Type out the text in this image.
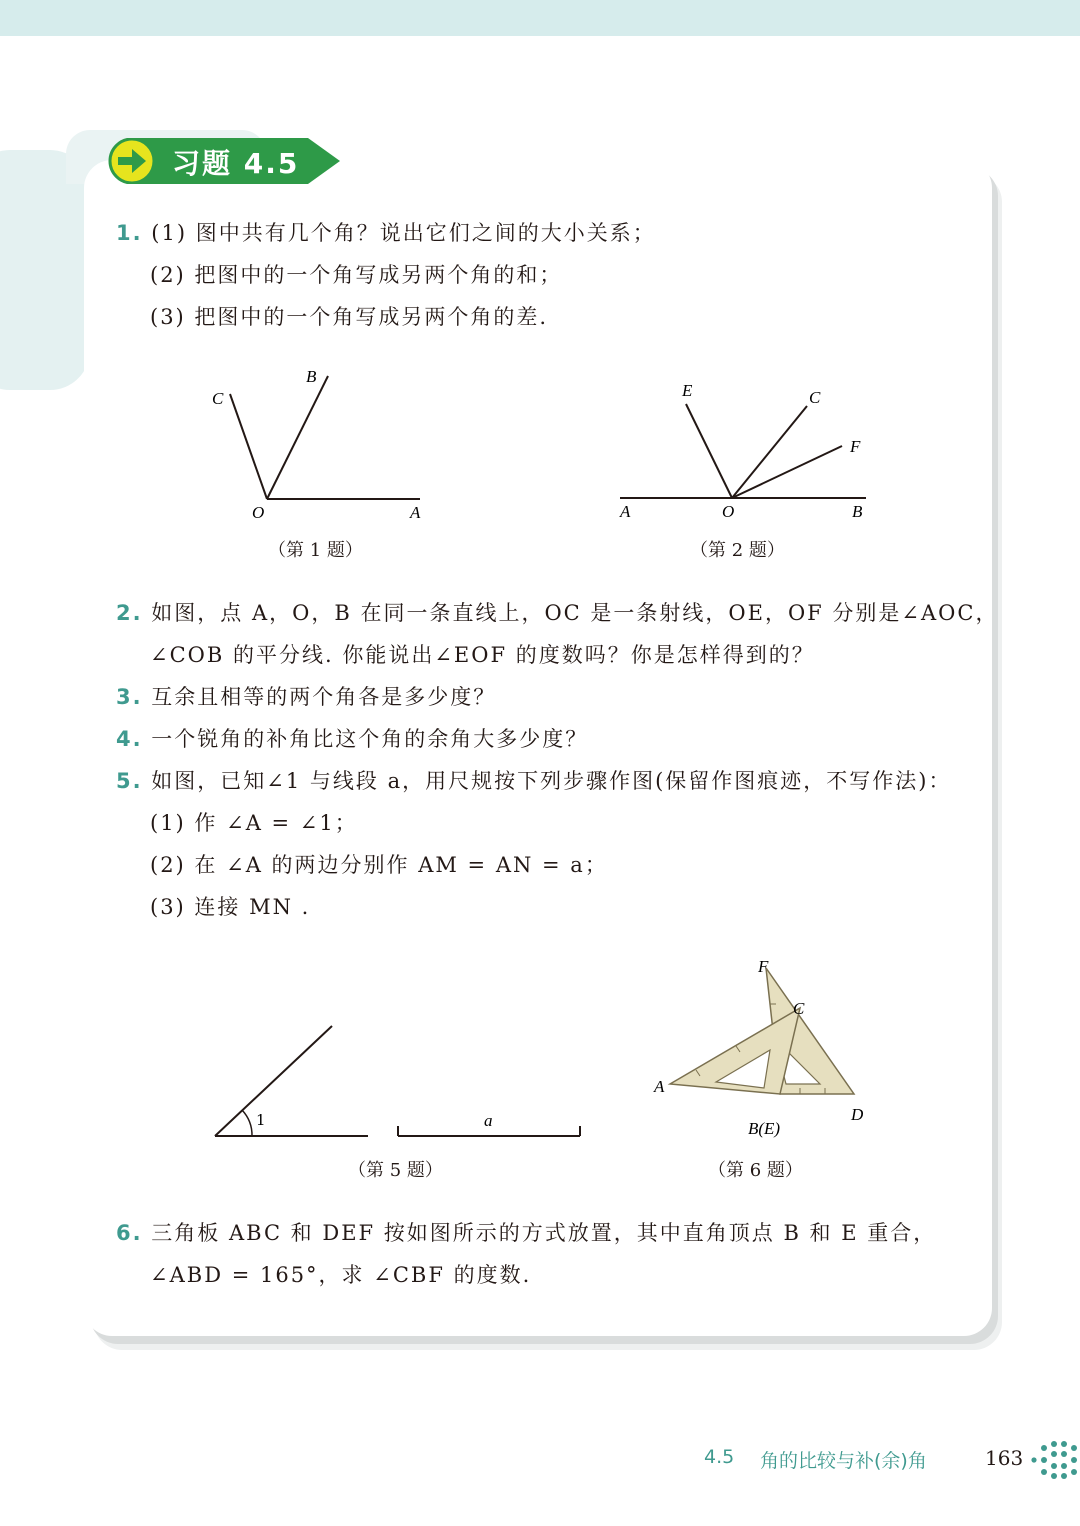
习题 4.5
1. (1) 图中共有几个角？说出它们之间的大小关系；
(2) 把图中的一个角写成另两个角的和；
(3) 把图中的一个角写成另两个角的差.
B
C
O	A
（第 1 题）
E	C
F
A	O	B
（第 2 题）
2. 如图，点 A，O，B 在同一条直线上，OC 是一条射线，OE，OF 分别是∠AOC，
∠COB 的平分线. 你能说出∠EOF 的度数吗？你是怎样得到的？
3. 互余且相等的两个角各是多少度？
4. 一个锐角的补角比这个角的余角大多少度？
5. 如图，已知∠1 与线段 a，用尺规按下列步骤作图(保留作图痕迹，不写作法)：
(1) 作 ∠A = ∠1；
(2) 在 ∠A 的两边分别作 AM = AN = a；
(3) 连接 MN .
1	a
（第 5 题）
F
C
A
D
B(E)
（第 6 题）
6. 三角板 ABC 和 DEF 按如图所示的方式放置，其中直角顶点 B 和 E 重合，
∠ABD = 165°，求 ∠CBF 的度数.
4.5 角的比较与补(余)角	163
